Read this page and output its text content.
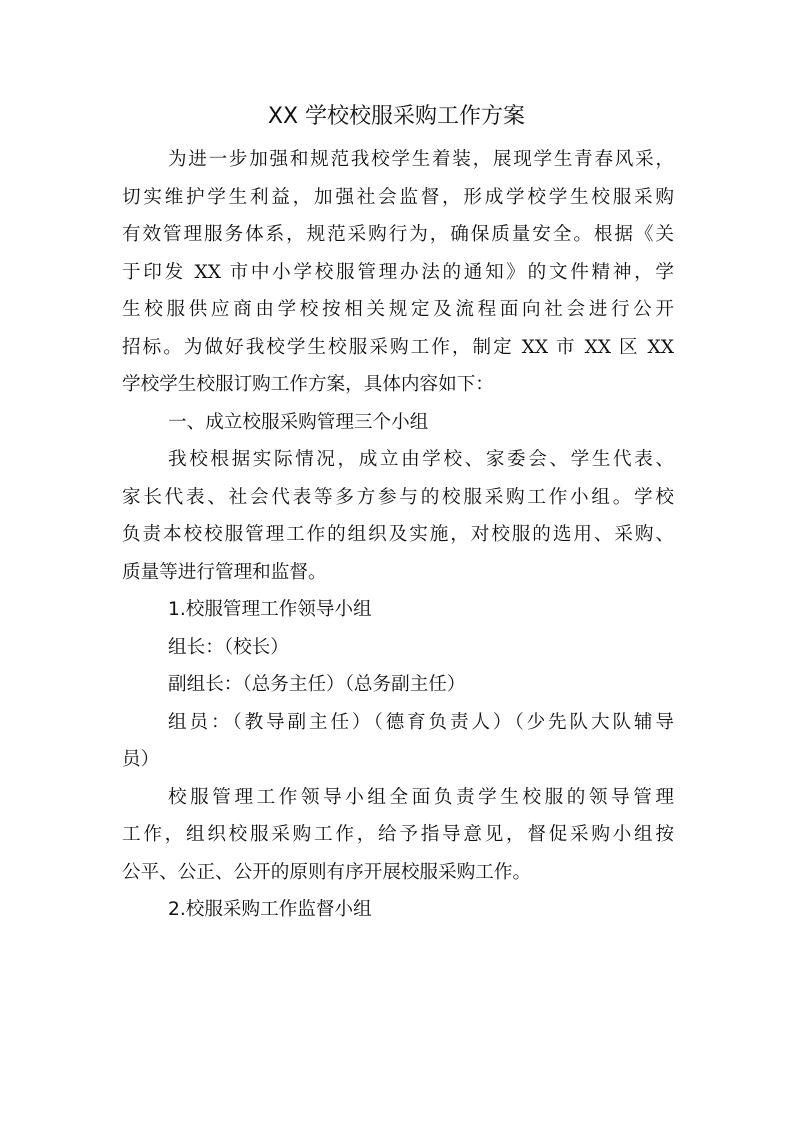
XX 学校校服采购工作方案
为进一步加强和规范我校学生着装，展现学生青春风采，
切实维护学生利益，加强社会监督，形成学校学生校服采购
有效管理服务体系，规范采购行为，确保质量安全。根据《关
于印发 XX 市中小学校服管理办法的通知》的文件精神，学
生校服供应商由学校按相关规定及流程面向社会进行公开
招标。为做好我校学生校服采购工作，制定 XX 市 XX 区 XX
学校学生校服订购工作方案，具体内容如下：
一、成立校服采购管理三个小组
我校根据实际情况，成立由学校、家委会、学生代表、
家长代表、社会代表等多方参与的校服采购工作小组。学校
负责本校校服管理工作的组织及实施，对校服的选用、采购、
质量等进行管理和监督。
1.校服管理工作领导小组
组长：（校长）
副组长：（总务主任）（总务副主任）
组员：（教导副主任）（德育负责人）（少先队大队辅导
员）
校服管理工作领导小组全面负责学生校服的领导管理
工作，组织校服采购工作，给予指导意见，督促采购小组按
公平、公正、公开的原则有序开展校服采购工作。
2.校服采购工作监督小组
